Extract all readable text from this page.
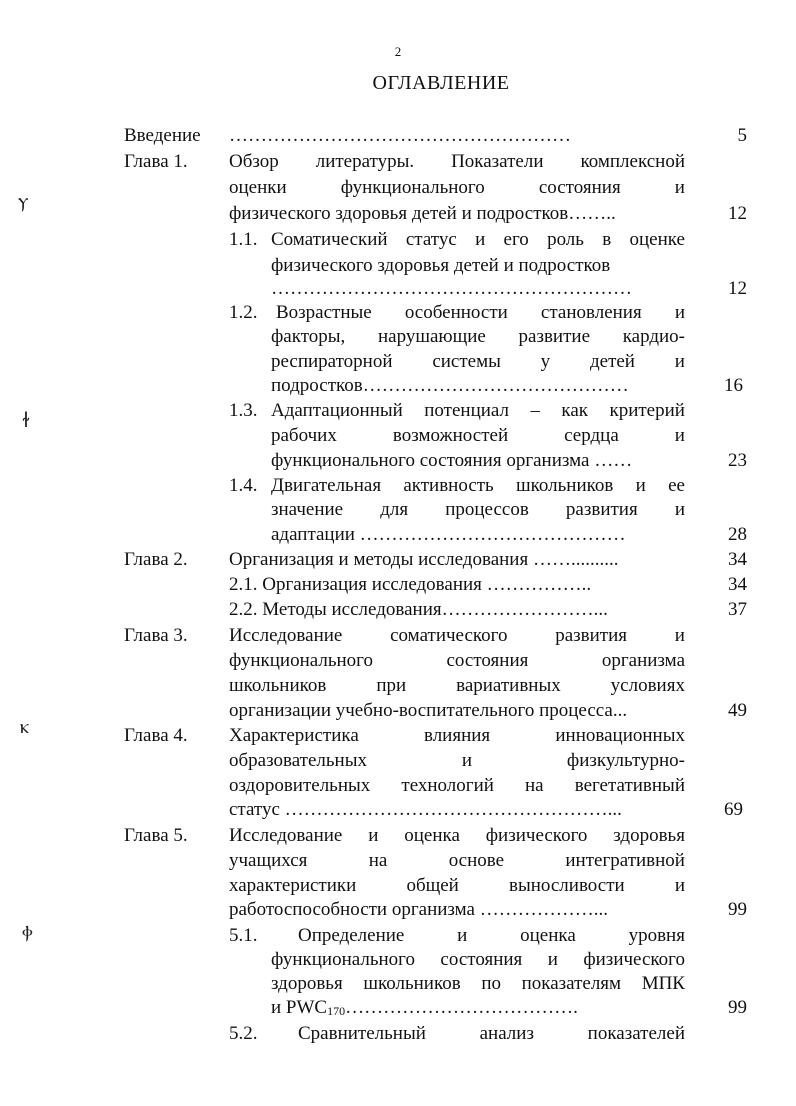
2
ОГЛАВЛЕНИЕ
ⲩ
ɫ
ⲕ
ⲫ
Введение ………………………………………………	5
Глава 1. Обзор литературы. Показатели комплексной
оценки	функционального	состояния	и
физического здоровья детей и подростков……..	12
1.1. Соматический статус и его роль в оценке
физического здоровья детей и подростков
…………………………………………………	12
1.2. Возрастные особенности становления и
факторы, нарушающие развитие кардио-
респираторной системы у детей и
подростков……………………………………	16
1.3. Адаптационный потенциал – как критерий
рабочих	возможностей	сердца	и
функционального состояния организма ……	23
1.4. Двигательная активность школьников и ее
значение для процессов развития и
адаптации ……………………………………	28
Глава 2. Организация и методы исследования ……..........	34
2.1. Организация исследования ……………..	34
2.2. Методы исследования……………………...	37
Глава 3. Исследование	соматического	развития	и
функционального	состояния	организма
школьников	при	вариативных	условиях
организации учебно-воспитательного процесса...	49
Глава 4. Характеристика	влияния	инновационных
образовательных	и	физкультурно-
оздоровительных технологий на вегетативный
статус ……………………………………………...	69
Глава 5. Исследование и оценка физического здоровья
учащихся	на	основе	интегративной
характеристики	общей	выносливости	и
работоспособности организма ………………...	99
5.1. Определение	и	оценка	уровня
функционального состояния и физического
здоровья школьников по показателям МПК
и $PWC_{170}\dots\dots\dots\dots\dots\dots\dots\dots\dots\dots\dots\dots$.	99
5.2. Сравнительный	анализ	показателей
